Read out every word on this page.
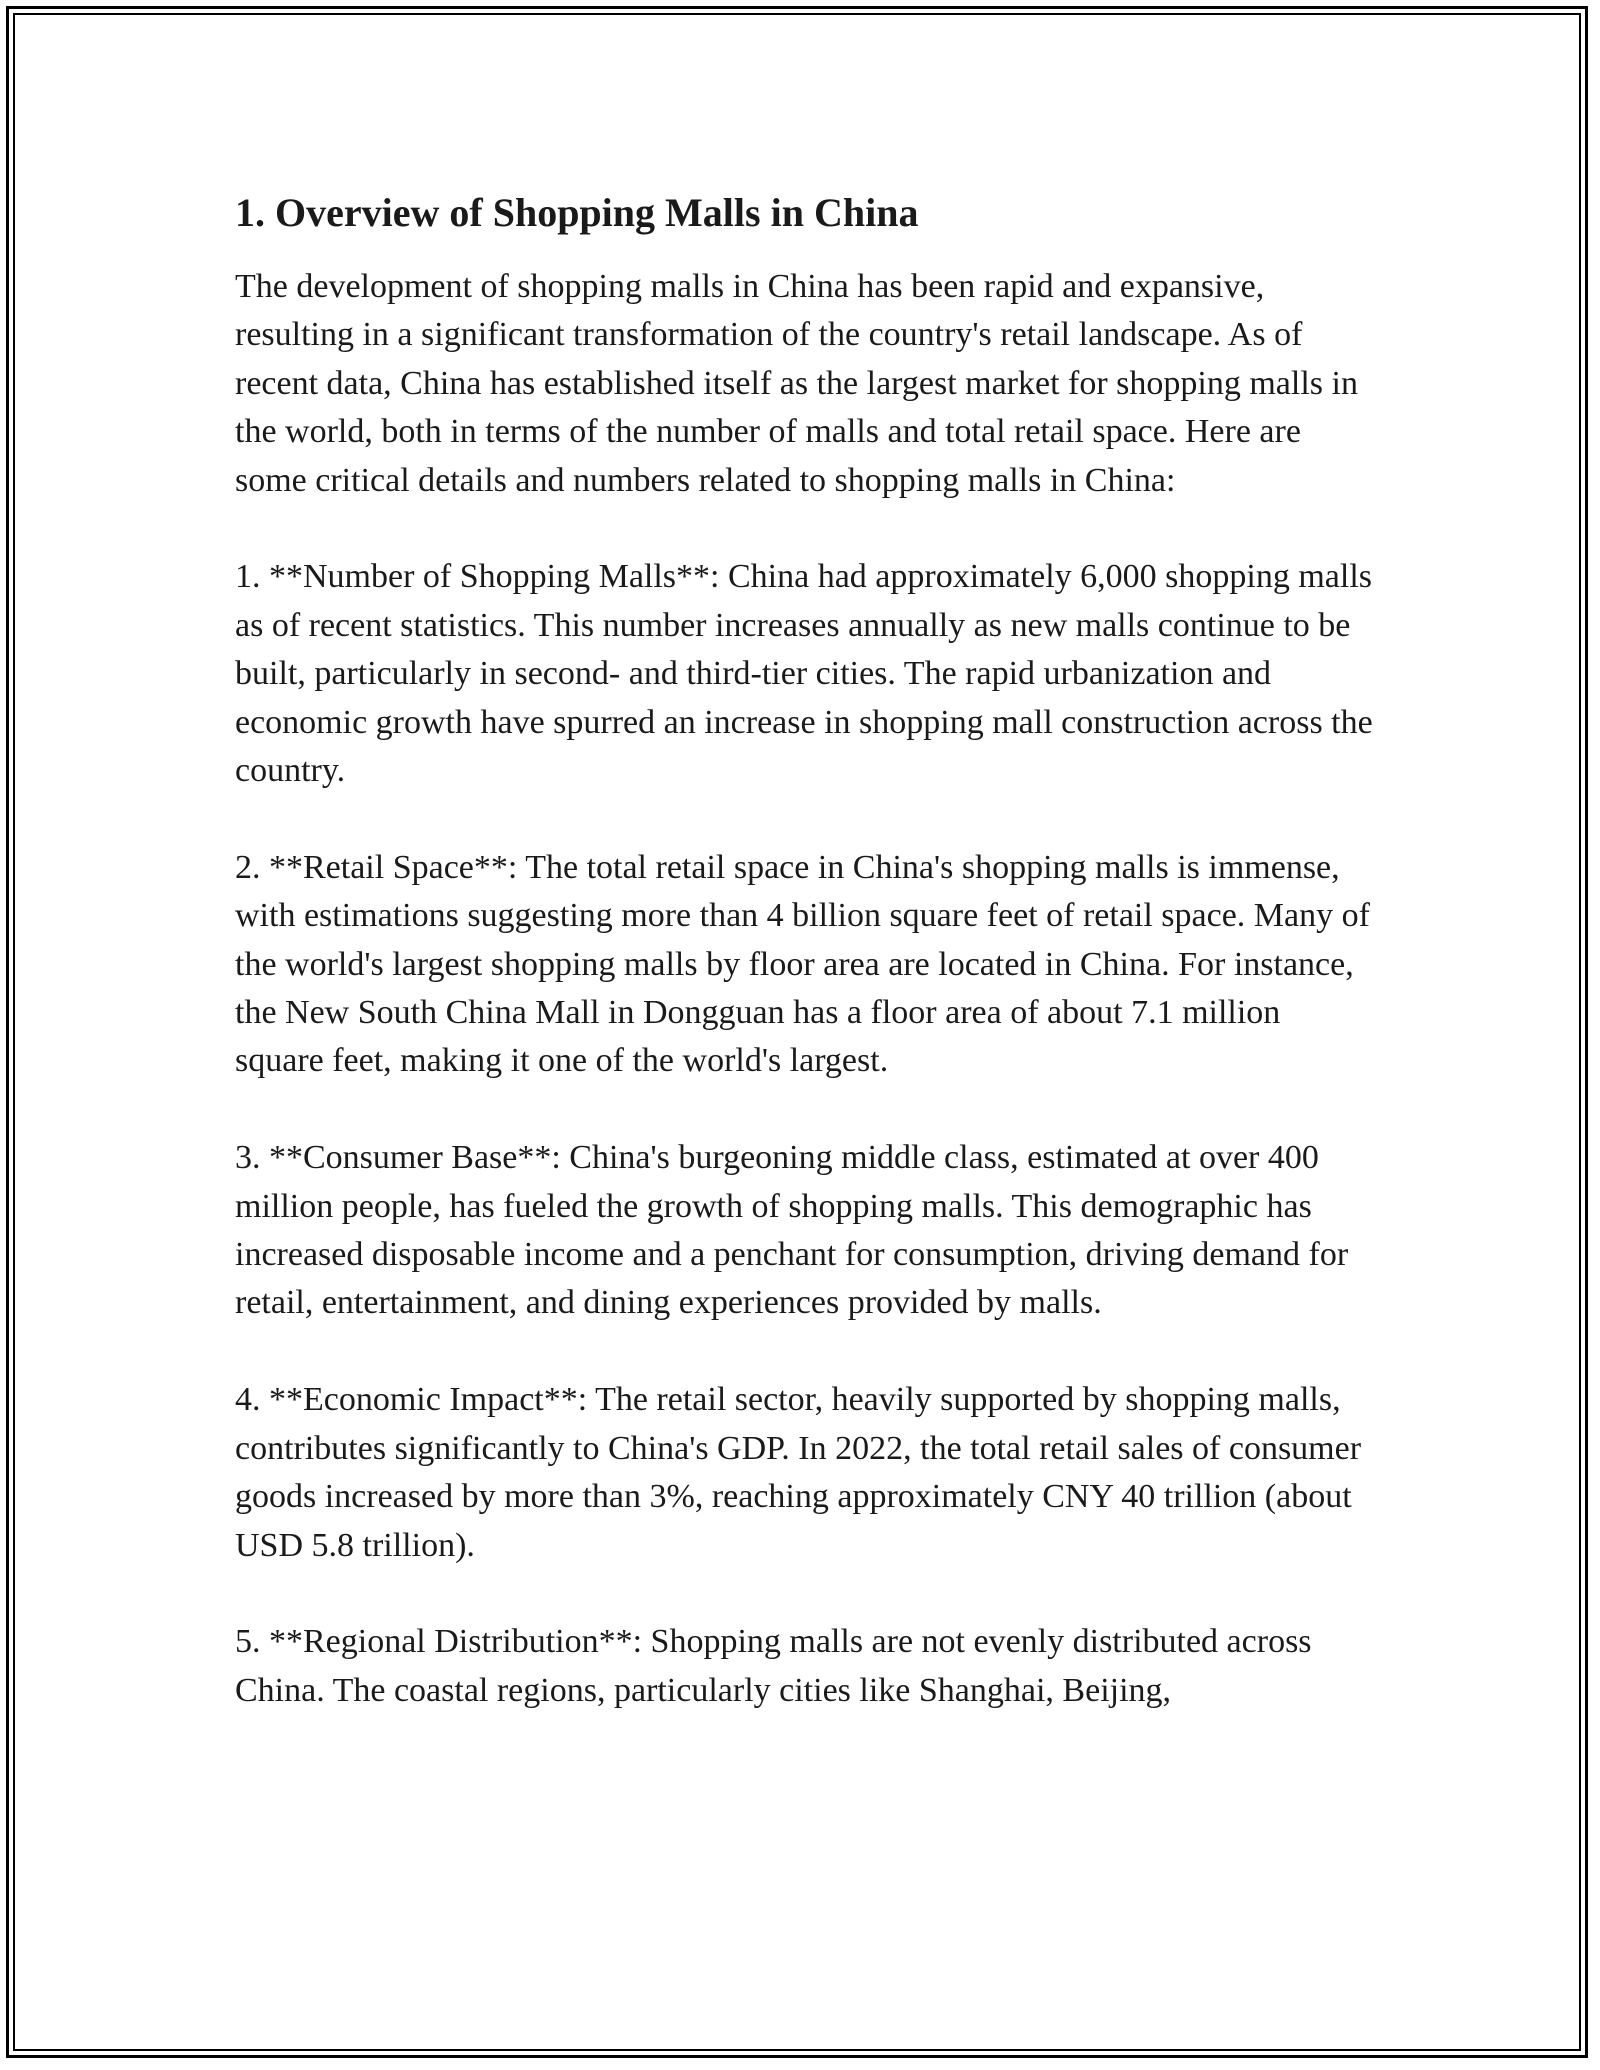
1. Overview of Shopping Malls in China

The development of shopping malls in China has been rapid and expansive, resulting in a significant transformation of the country's retail landscape. As of recent data, China has established itself as the largest market for shopping malls in the world, both in terms of the number of malls and total retail space. Here are some critical details and numbers related to shopping malls in China:

1. **Number of Shopping Malls**: China had approximately 6,000 shopping malls as of recent statistics. This number increases annually as new malls continue to be built, particularly in second- and third-tier cities. The rapid urbanization and economic growth have spurred an increase in shopping mall construction across the country.

2. **Retail Space**: The total retail space in China's shopping malls is immense, with estimations suggesting more than 4 billion square feet of retail space. Many of the world's largest shopping malls by floor area are located in China. For instance, the New South China Mall in Dongguan has a floor area of about 7.1 million square feet, making it one of the world's largest.

3. **Consumer Base**: China's burgeoning middle class, estimated at over 400 million people, has fueled the growth of shopping malls. This demographic has increased disposable income and a penchant for consumption, driving demand for retail, entertainment, and dining experiences provided by malls.

4. **Economic Impact**: The retail sector, heavily supported by shopping malls, contributes significantly to China's GDP. In 2022, the total retail sales of consumer goods increased by more than 3%, reaching approximately CNY 40 trillion (about USD 5.8 trillion).

5. **Regional Distribution**: Shopping malls are not evenly distributed across China. The coastal regions, particularly cities like Shanghai, Beijing,
